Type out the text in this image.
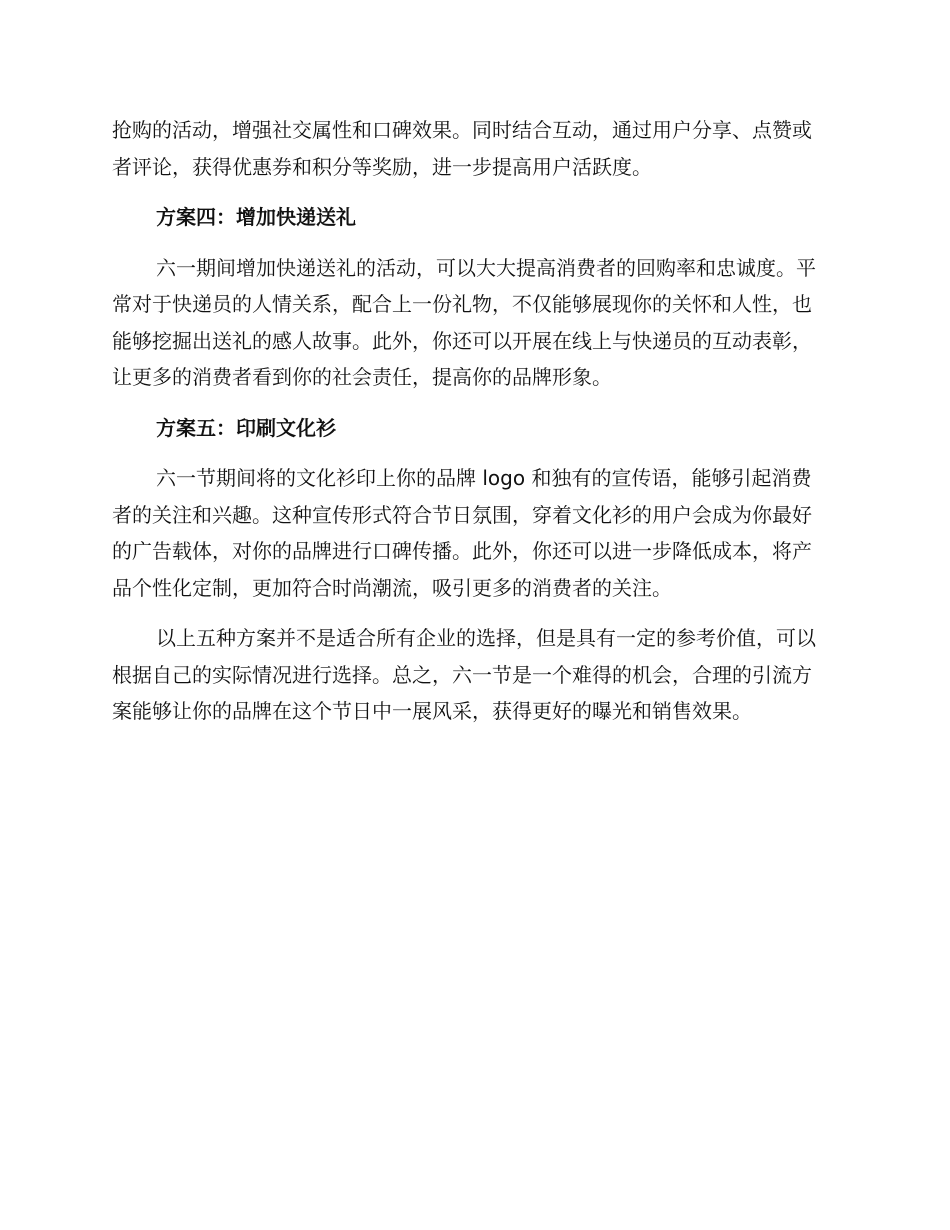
抢购的活动，增强社交属性和口碑效果。同时结合互动，通过用户分享、点赞或者评论，获得优惠券和积分等奖励，进一步提高用户活跃度。

方案四：增加快递送礼

六一期间增加快递送礼的活动，可以大大提高消费者的回购率和忠诚度。平常对于快递员的人情关系，配合上一份礼物，不仅能够展现你的关怀和人性，也能够挖掘出送礼的感人故事。此外，你还可以开展在线上与快递员的互动表彰，让更多的消费者看到你的社会责任，提高你的品牌形象。

方案五：印刷文化衫

六一节期间将的文化衫印上你的品牌 logo 和独有的宣传语，能够引起消费者的关注和兴趣。这种宣传形式符合节日氛围，穿着文化衫的用户会成为你最好的广告载体，对你的品牌进行口碑传播。此外，你还可以进一步降低成本，将产品个性化定制，更加符合时尚潮流，吸引更多的消费者的关注。

以上五种方案并不是适合所有企业的选择，但是具有一定的参考价值，可以根据自己的实际情况进行选择。总之，六一节是一个难得的机会，合理的引流方案能够让你的品牌在这个节日中一展风采，获得更好的曝光和销售效果。
